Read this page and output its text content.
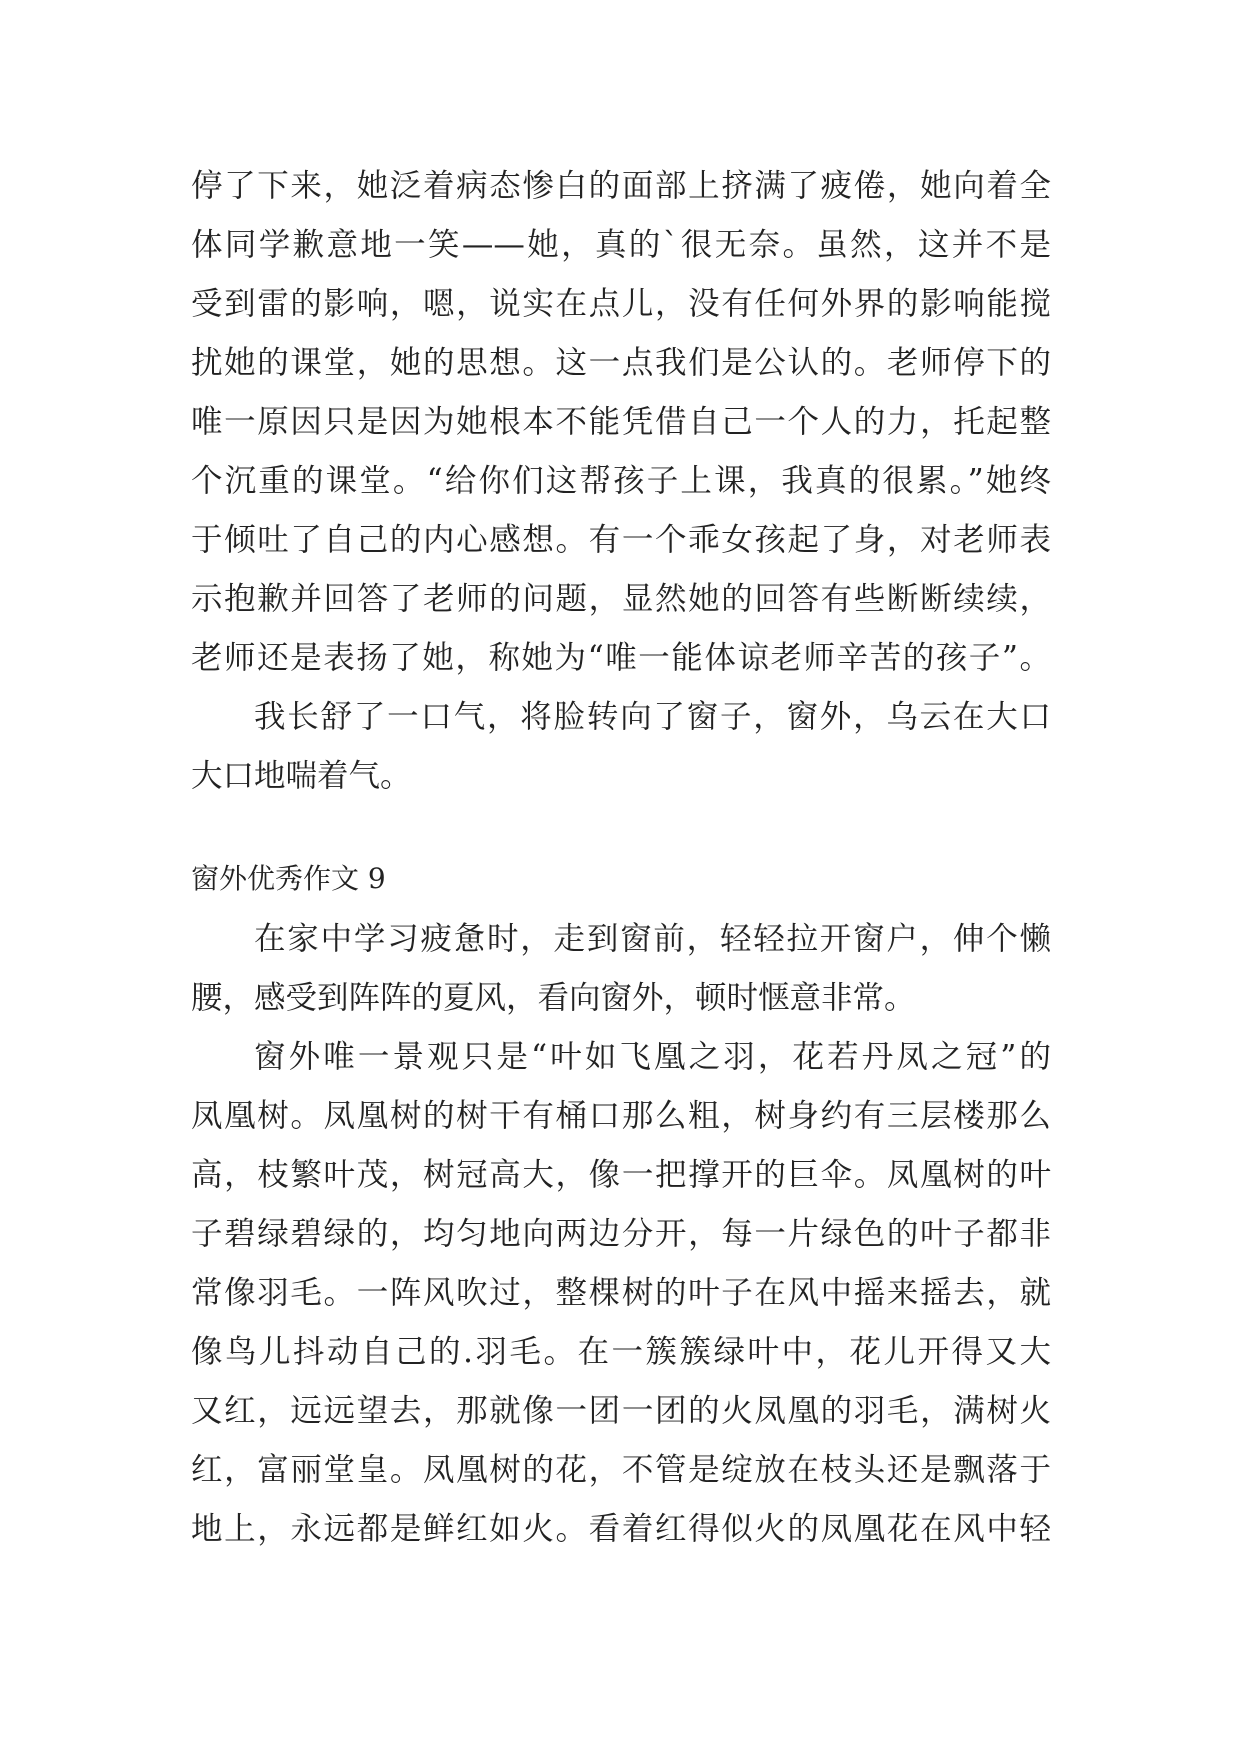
停了下来，她泛着病态惨白的面部上挤满了疲倦，她向着全
体同学歉意地一笑——她，真的`很无奈。虽然，这并不是
受到雷的影响，嗯，说实在点儿，没有任何外界的影响能搅
扰她的课堂，她的思想。这一点我们是公认的。老师停下的
唯一原因只是因为她根本不能凭借自己一个人的力，托起整
个沉重的课堂。“给你们这帮孩子上课，我真的很累。”她终
于倾吐了自己的内心感想。有一个乖女孩起了身，对老师表
示抱歉并回答了老师的问题，显然她的回答有些断断续续，
老师还是表扬了她，称她为“唯一能体谅老师辛苦的孩子”。
我长舒了一口气，将脸转向了窗子，窗外，乌云在大口
大口地喘着气。
窗外优秀作文 9
在家中学习疲惫时，走到窗前，轻轻拉开窗户，伸个懒
腰，感受到阵阵的夏风，看向窗外，顿时惬意非常。
窗外唯一景观只是“叶如飞凰之羽，花若丹凤之冠”的
凤凰树。凤凰树的树干有桶口那么粗，树身约有三层楼那么
高，枝繁叶茂，树冠高大，像一把撑开的巨伞。凤凰树的叶
子碧绿碧绿的，均匀地向两边分开，每一片绿色的叶子都非
常像羽毛。一阵风吹过，整棵树的叶子在风中摇来摇去，就
像鸟儿抖动自己的.羽毛。在一簇簇绿叶中，花儿开得又大
又红，远远望去，那就像一团一团的火凤凰的羽毛，满树火
红，富丽堂皇。凤凰树的花，不管是绽放在枝头还是飘落于
地上，永远都是鲜红如火。看着红得似火的凤凰花在风中轻
